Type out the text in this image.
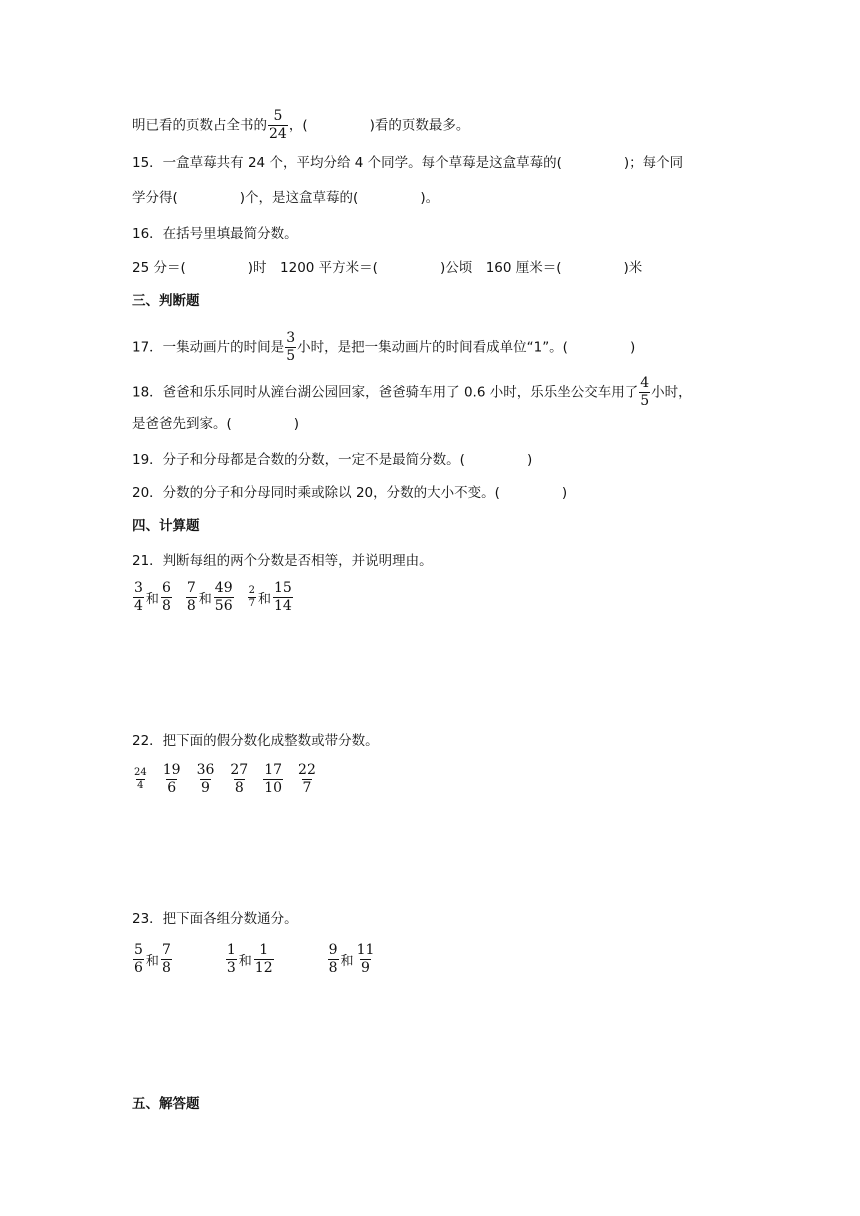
明已看的页数占全书的 $\frac{5}{24}$ ，(	)看的页数最多。
15．一盒草莓共有 24 个，平均分给 4 个同学。每个草莓是这盒草莓的(	)；每个同
学分得(	)个，是这盒草莓的(	)。
16．在括号里填最简分数。
25 分＝(	)时　1200 平方米＝(	)公顷　160 厘米＝(	)米
三、判断题
17．一集动画片的时间是 $\frac{3}{5}$ 小时，是把一集动画片的时间看成单位“1”。(	)
18．爸爸和乐乐同时从滻台湖公园回家，爸爸骑车用了 0.6 小时，乐乐坐公交车用了 $\frac{4}{5}$ 小时，
是爸爸先到家。(	)
19．分子和分母都是合数的分数，一定不是最简分数。(	)
20．分数的分子和分母同时乘或除以 20，分数的大小不变。(	)
四、计算题
21．判断每组的两个分数是否相等，并说明理由。
$\frac{3}{4}$ 和 $\frac{6}{8} \frac{7}{8}$ 和 $\frac{49}{56} \frac{2}{7}$ 和 $\frac{15}{14}$
22．把下面的假分数化成整数或带分数。
$\frac{24}{4} \frac{19}{6} \frac{36}{9} \frac{27}{8} \frac{17}{10} \frac{22}{7}$
23．把下面各组分数通分。
$\frac{5}{6}$ 和 $\frac{7}{8}$	$\frac{1}{3}$ 和 $\frac{1}{12}$	$\frac{9}{8}$ 和 $\frac{11}{9}$
五、解答题
